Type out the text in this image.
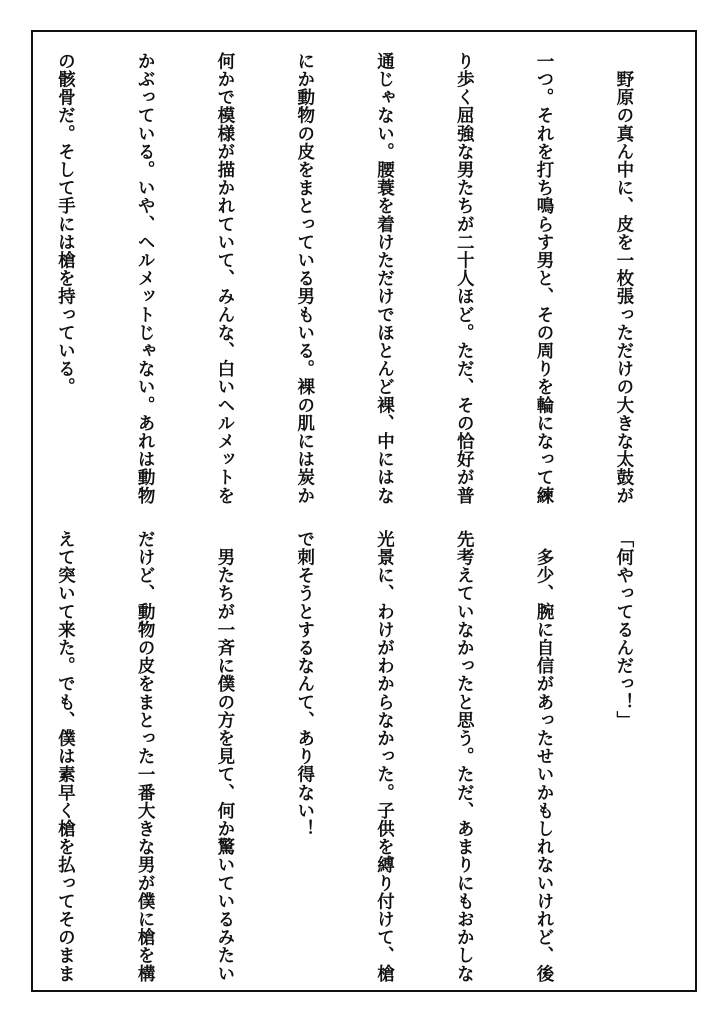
　野原の真ん中に、皮を一枚張っただけの大きな太鼓が

一つ。それを打ち鳴らす男と、その周りを輪になって練

り歩く屈強な男たちが二十人ほど。ただ、その恰好が普

通じゃない。腰蓑を着けただけでほとんど裸、中にはな

にか動物の皮をまとっている男もいる。裸の肌には炭か

何かで模様が描かれていて、みんな、白いヘルメットを

かぶっている。いや、ヘルメットじゃない。あれは動物

の骸骨だ。そして手には槍を持っている。

「何やってるんだっ！」

　多少、腕に自信があったせいかもしれないけれど、後

先考えていなかったと思う。ただ、あまりにもおかしな

光景に、わけがわからなかった。子供を縛り付けて、槍

で刺そうとするなんて、あり得ない！

　男たちが一斉に僕の方を見て、何か驚いているみたい

だけど、動物の皮をまとった一番大きな男が僕に槍を構

えて突いて来た。でも、僕は素早く槍を払ってそのまま
